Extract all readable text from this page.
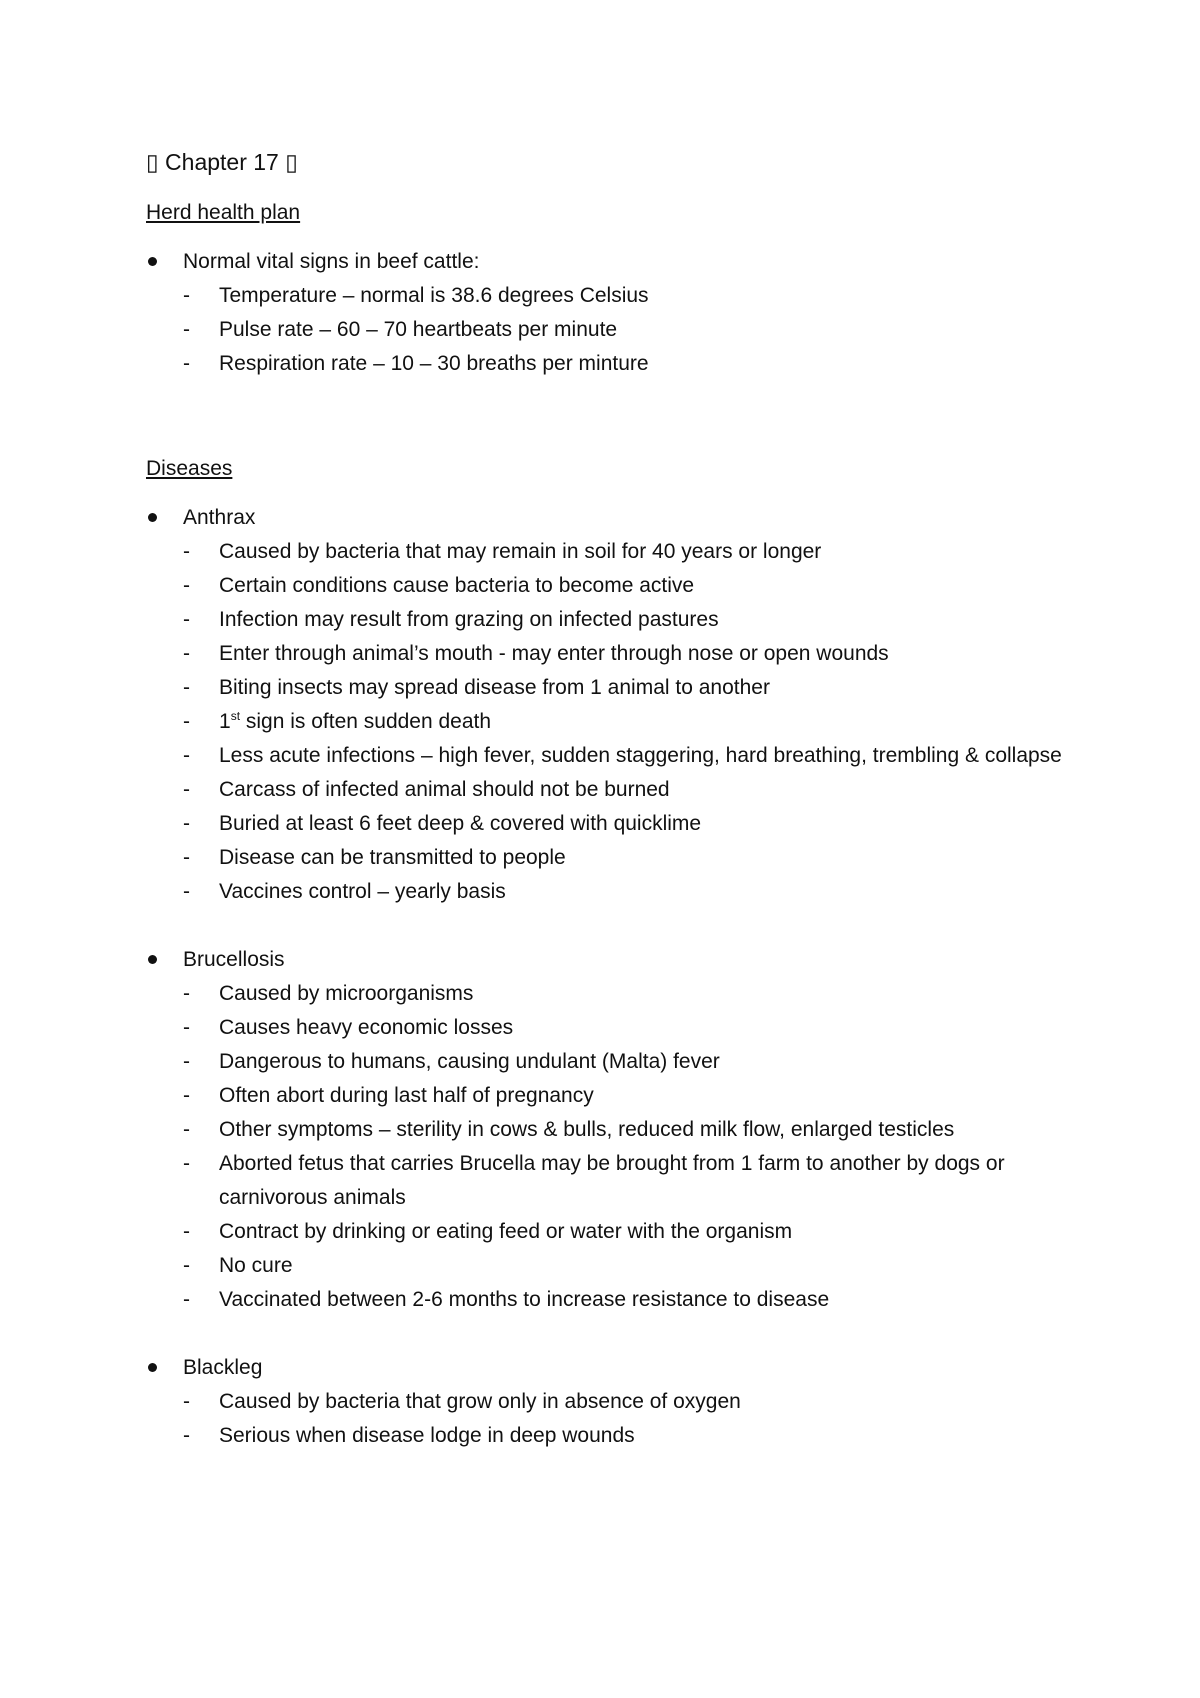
▯ Chapter 17 ▯
Herd health plan
Normal vital signs in beef cattle:
- Temperature – normal is 38.6 degrees Celsius
- Pulse rate – 60 – 70 heartbeats per minute
- Respiration rate – 10 – 30 breaths per minture
Diseases
Anthrax
- Caused by bacteria that may remain in soil for 40 years or longer
- Certain conditions cause bacteria to become active
- Infection may result from grazing on infected pastures
- Enter through animal’s mouth - may enter through nose or open wounds
- Biting insects may spread disease from 1 animal to another
- 1st sign is often sudden death
- Less acute infections – high fever, sudden staggering, hard breathing, trembling & collapse
- Carcass of infected animal should not be burned
- Buried at least 6 feet deep & covered with quicklime
- Disease can be transmitted to people
- Vaccines control – yearly basis
Brucellosis
- Caused by microorganisms
- Causes heavy economic losses
- Dangerous to humans, causing undulant (Malta) fever
- Often abort during last half of pregnancy
- Other symptoms – sterility in cows & bulls, reduced milk flow, enlarged testicles
- Aborted fetus that carries Brucella may be brought from 1 farm to another by dogs or carnivorous animals
- Contract by drinking or eating feed or water with the organism
- No cure
- Vaccinated between 2-6 months to increase resistance to disease
Blackleg
- Caused by bacteria that grow only in absence of oxygen
- Serious when disease lodge in deep wounds
